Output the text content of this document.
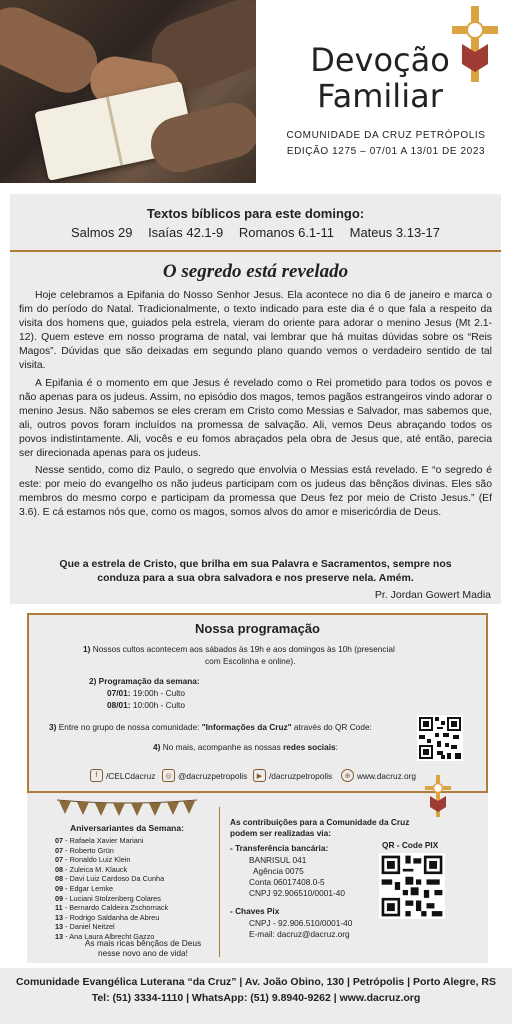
Devoção
Familiar
COMUNIDADE DA CRUZ PETRÓPOLIS
EDIÇÃO 1275 – 07/01 A 13/01 DE 2023
Textos bíblicos para este domingo:
Salmos 29 Isaías 42.1-9 Romanos 6.1-11 Mateus 3.13-17
O segredo está revelado

Hoje celebramos a Epifania do Nosso Senhor Jesus. Ela acontece no dia 6 de janeiro e marca o fim do período do Natal. Tradicionalmente, o texto indicado para este dia é o que fala a respeito da visita dos homens que, guiados pela estrela, vieram do oriente para adorar o menino Jesus (Mt 2.1-12). Quem esteve em nosso programa de natal, vai lembrar que há muitas dúvidas sobre os “Reis Magos”. Dúvidas que são deixadas em segundo plano quando vemos o verdadeiro sentido de tal visita.

A Epifania é o momento em que Jesus é revelado como o Rei prometido para todos os povos e não apenas para os judeus. Assim, no episódio dos magos, temos pagãos estrangeiros vindo adorar o menino Jesus. Não sabemos se eles creram em Cristo como Messias e Salvador, mas sabemos que, ali, outros povos foram incluídos na promessa de salvação. Ali, vemos Deus abraçando todos os povos indistintamente. Ali, vocês e eu fomos abraçados pela obra de Jesus que, até então, parecia ser direcionada apenas para os judeus.

Nesse sentido, como diz Paulo, o segredo que envolvia o Messias está revelado. E “o segredo é este: por meio do evangelho os não judeus participam com os judeus das bênçãos divinas. Eles são membros do mesmo corpo e participam da promessa que Deus fez por meio de Cristo Jesus.” (Ef 3.6). E cá estamos nós que, como os magos, somos alvos do amor e misericórdia de Deus.

Que a estrela de Cristo, que brilha em sua Palavra e Sacramentos, sempre nos conduza para a sua obra salvadora e nos preserve nela. Amém.
Pr. Jordan Gowert Madia
Nossa programação
1) Nossos cultos acontecem aos sábados às 19h e aos domingos às 10h (presencial
com Escolinha e online).
2) Programação da semana:
07/01: 19:00h - Culto
08/01: 10:00h - Culto
3) Entre no grupo de nossa comunidade: "Informações da Cruz" através do QR Code:
4) No mais, acompanhe as nossas redes sociais:
f	/CELCdacruz	◎ @dacruzpetropolis	▶ /dacruzpetropolis	⊕ www.dacruz.org
Aniversariantes da Semana:
07 - Rafaela Xavier Mariani
07 - Roberto Grün
07 - Ronaldo Luiz Klein
08 - Zuleica M. Klauck
08 - Davi Luiz Cardoso Da Cunha
09 - Edgar Lemke
09 - Luciani Stolzenberg Colares
11 - Bernardo Caldeira Zschornack
13 - Rodrigo Saldanha de Abreu
13 - Daniel Neitzel
13 - Ana Laura Albrecht Gazzo
As mais ricas bênçãos de Deus
nesse novo ano de vida!
As contribuições para a Comunidade da Cruz
podem ser realizadas via:
- Transferência bancária:
BANRISUL 041
Agência 0075
Conta 06017408.0-5
CNPJ 92.906510/0001-40
- Chaves Pix
CNPJ - 92.906.510/0001-40
E-mail: dacruz@dacruz.org
QR - Code PIX
Comunidade Evangélica Luterana “da Cruz” | Av. João Obino, 130 | Petrópolis | Porto Alegre, RS
Tel: (51) 3334-1110 | WhatsApp: (51) 9.8940-9262 | www.dacruz.org
